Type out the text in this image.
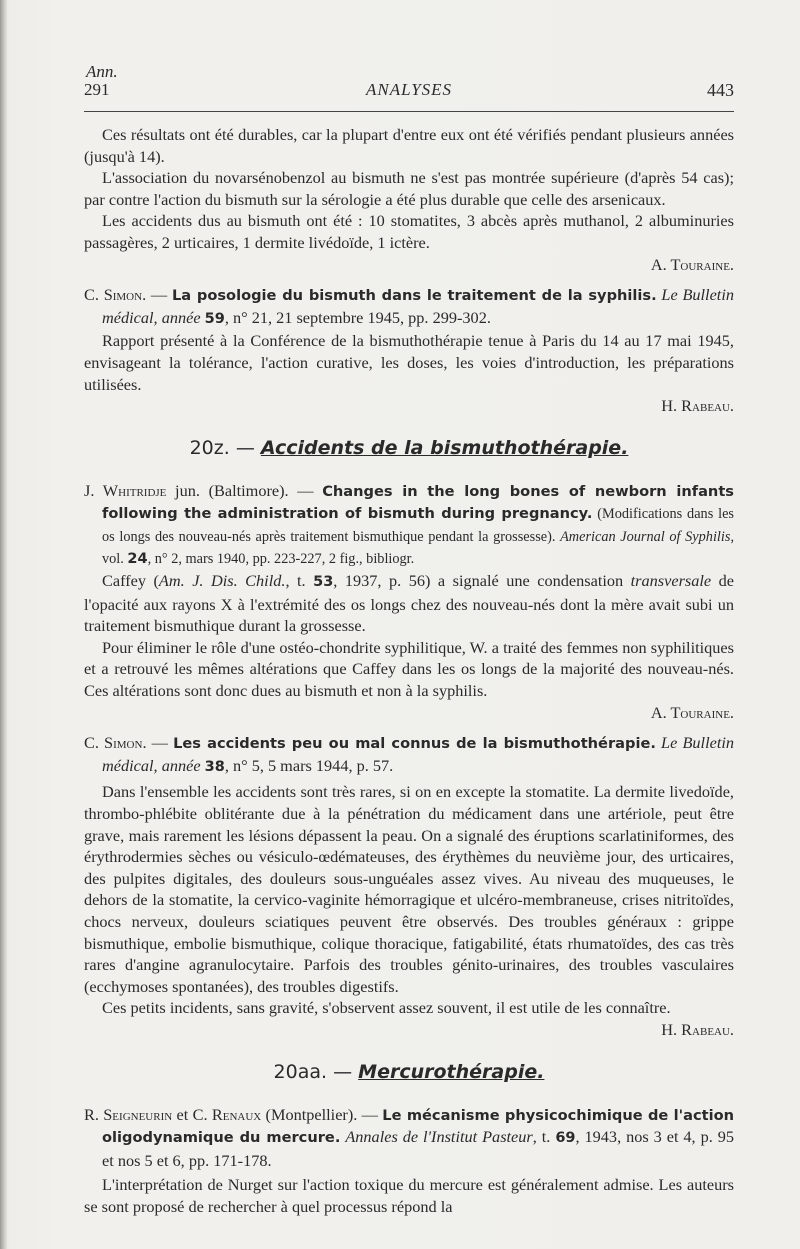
Ann.
291	ANALYSES	443

Ces résultats ont été durables, car la plupart d'entre eux ont été vérifiés pendant plusieurs années (jusqu'à 14).

L'association du novarsénobenzol au bismuth ne s'est pas montrée supérieure (d'après 54 cas); par contre l'action du bismuth sur la sérologie a été plus durable que celle des arsenicaux.

Les accidents dus au bismuth ont été : 10 stomatites, 3 abcès après muthanol, 2 albuminuries passagères, 2 urticaires, 1 dermite livédoïde, 1 ictère.

A. Touraine.

C. Simon. — La posologie du bismuth dans le traitement de la syphilis. Le Bulletin médical, année 59, n° 21, 21 septembre 1945, pp. 299-302.

Rapport présenté à la Conférence de la bismuthothérapie tenue à Paris du 14 au 17 mai 1945, envisageant la tolérance, l'action curative, les doses, les voies d'introduction, les préparations utilisées.

H. Rabeau.

20z. — Accidents de la bismuthothérapie.

J. Whitridje jun. (Baltimore). — Changes in the long bones of newborn infants following the administration of bismuth during pregnancy. (Modifications dans les os longs des nouveau-nés après traitement bismuthique pendant la grossesse). American Journal of Syphilis, vol. 24, n° 2, mars 1940, pp. 223-227, 2 fig., bibliogr.

Caffey (Am. J. Dis. Child., t. 53, 1937, p. 56) a signalé une condensation transversale de l'opacité aux rayons X à l'extrémité des os longs chez des nouveau-nés dont la mère avait subi un traitement bismuthique durant la grossesse.

Pour éliminer le rôle d'une ostéo-chondrite syphilitique, W. a traité des femmes non syphilitiques et a retrouvé les mêmes altérations que Caffey dans les os longs de la majorité des nouveau-nés. Ces altérations sont donc dues au bismuth et non à la syphilis.

A. Touraine.

C. Simon. — Les accidents peu ou mal connus de la bismuthothérapie. Le Bulletin médical, année 38, n° 5, 5 mars 1944, p. 57.

Dans l'ensemble les accidents sont très rares, si on en excepte la stomatite. La dermite livedoïde, thrombo-phlébite oblitérante due à la pénétration du médicament dans une artériole, peut être grave, mais rarement les lésions dépassent la peau. On a signalé des éruptions scarlatiniformes, des érythrodermies sèches ou vésiculo-œdémateuses, des érythèmes du neuvième jour, des urticaires, des pulpites digitales, des douleurs sous-unguéales assez vives. Au niveau des muqueuses, le dehors de la stomatite, la cervico-vaginite hémorragique et ulcéro-membraneuse, crises nitritoïdes, chocs nerveux, douleurs sciatiques peuvent être observés. Des troubles généraux : grippe bismuthique, embolie bismuthique, colique thoracique, fatigabilité, états rhumatoïdes, des cas très rares d'angine agranulocytaire. Parfois des troubles génito-urinaires, des troubles vasculaires (ecchymoses spontanées), des troubles digestifs.

Ces petits incidents, sans gravité, s'observent assez souvent, il est utile de les connaître.

H. Rabeau.

20aa. — Mercurothérapie.

R. Seigneurin et C. Renaux (Montpellier). — Le mécanisme physicochimique de l'action oligodynamique du mercure. Annales de l'Institut Pasteur, t. 69, 1943, nos 3 et 4, p. 95 et nos 5 et 6, pp. 171-178.

L'interprétation de Nurget sur l'action toxique du mercure est généralement admise. Les auteurs se sont proposé de rechercher à quel processus répond la
